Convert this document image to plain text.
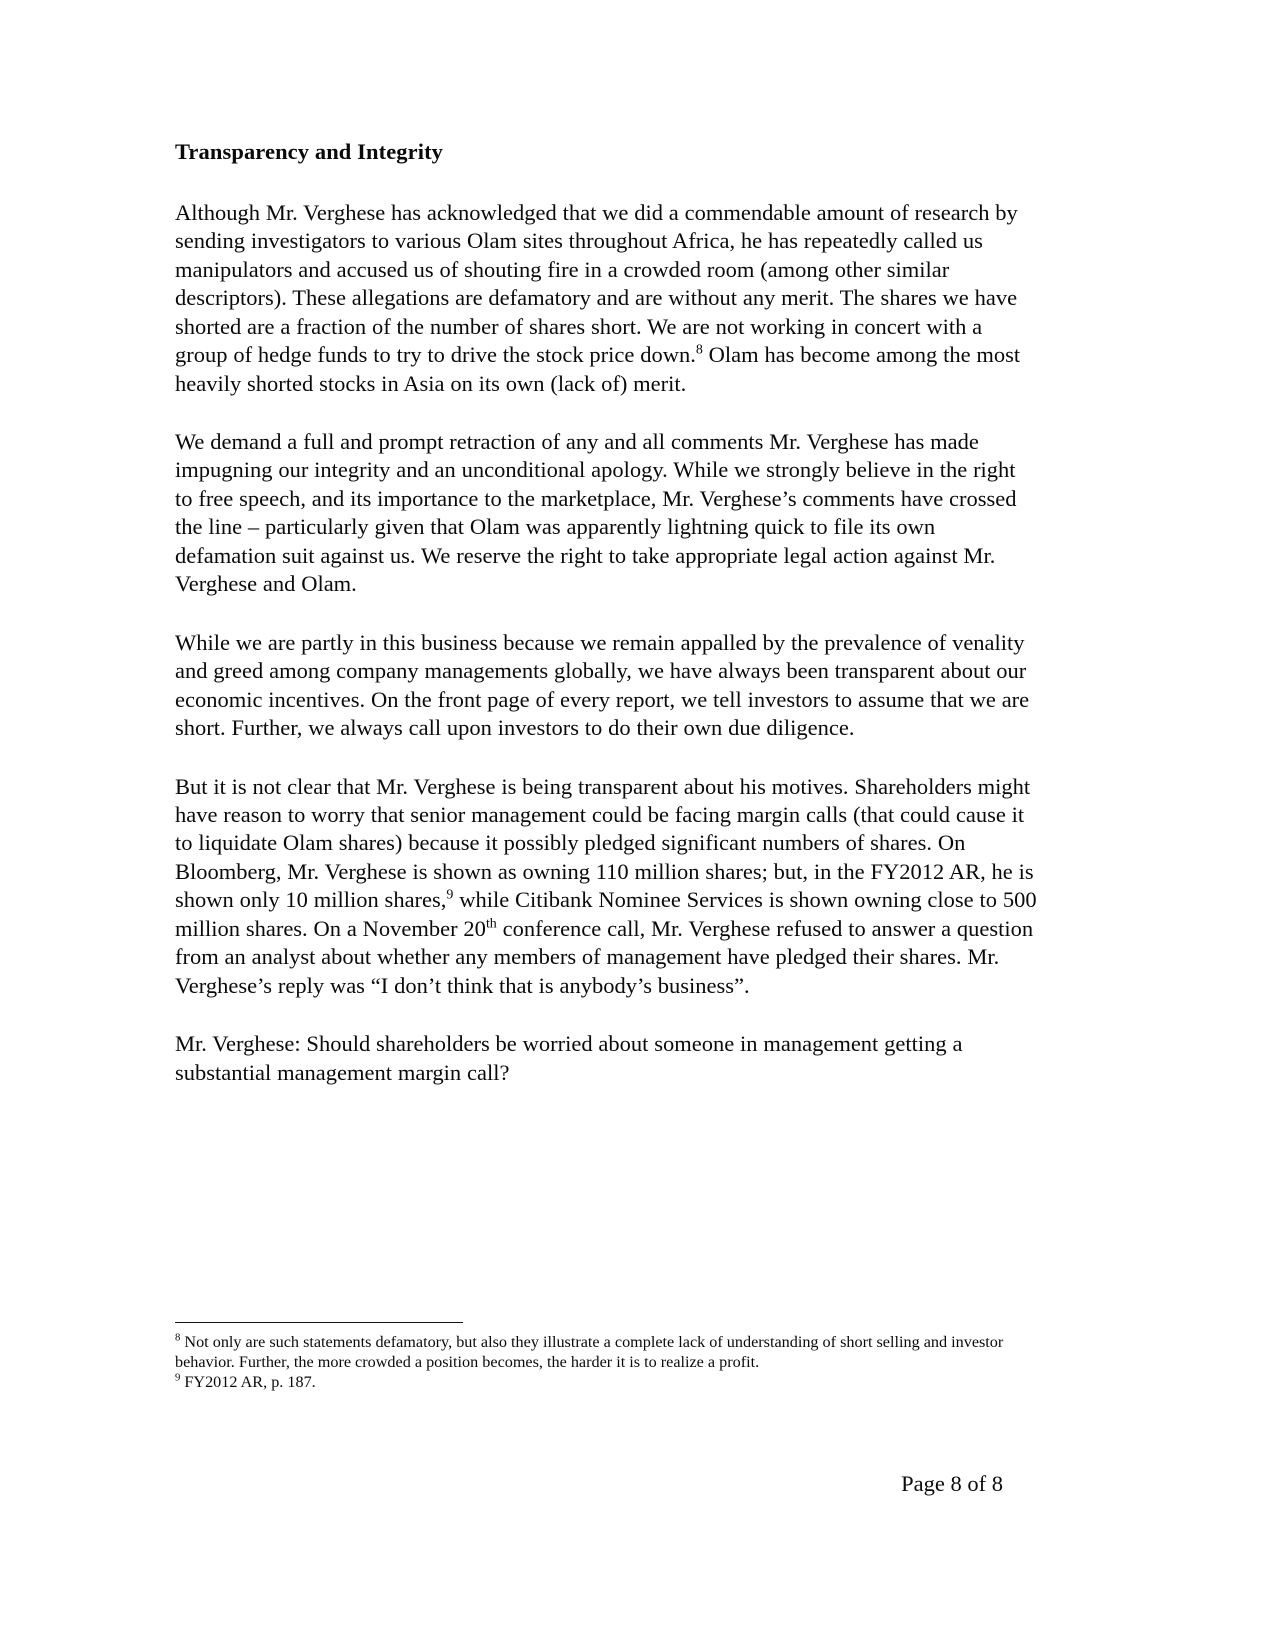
Transparency and Integrity

Although Mr. Verghese has acknowledged that we did a commendable amount of research by sending investigators to various Olam sites throughout Africa, he has repeatedly called us manipulators and accused us of shouting fire in a crowded room (among other similar descriptors). These allegations are defamatory and are without any merit. The shares we have shorted are a fraction of the number of shares short. We are not working in concert with a group of hedge funds to try to drive the stock price down.$^8$ Olam has become among the most heavily shorted stocks in Asia on its own (lack of) merit.

We demand a full and prompt retraction of any and all comments Mr. Verghese has made impugning our integrity and an unconditional apology. While we strongly believe in the right to free speech, and its importance to the marketplace, Mr. Verghese’s comments have crossed the line – particularly given that Olam was apparently lightning quick to file its own defamation suit against us. We reserve the right to take appropriate legal action against Mr. Verghese and Olam.

While we are partly in this business because we remain appalled by the prevalence of venality and greed among company managements globally, we have always been transparent about our economic incentives. On the front page of every report, we tell investors to assume that we are short. Further, we always call upon investors to do their own due diligence.

But it is not clear that Mr. Verghese is being transparent about his motives. Shareholders might have reason to worry that senior management could be facing margin calls (that could cause it to liquidate Olam shares) because it possibly pledged significant numbers of shares. On Bloomberg, Mr. Verghese is shown as owning 110 million shares; but, in the FY2012 AR, he is shown only 10 million shares,$^9$ while Citibank Nominee Services is shown owning close to 500 million shares. On a November 20th conference call, Mr. Verghese refused to answer a question from an analyst about whether any members of management have pledged their shares. Mr. Verghese’s reply was “I don’t think that is anybody’s business”.

Mr. Verghese: Should shareholders be worried about someone in management getting a substantial management margin call?

$^8$ Not only are such statements defamatory, but also they illustrate a complete lack of understanding of short selling and investor behavior. Further, the more crowded a position becomes, the harder it is to realize a profit.

$^9$ FY2012 AR, p. 187.

Page 8 of 8
